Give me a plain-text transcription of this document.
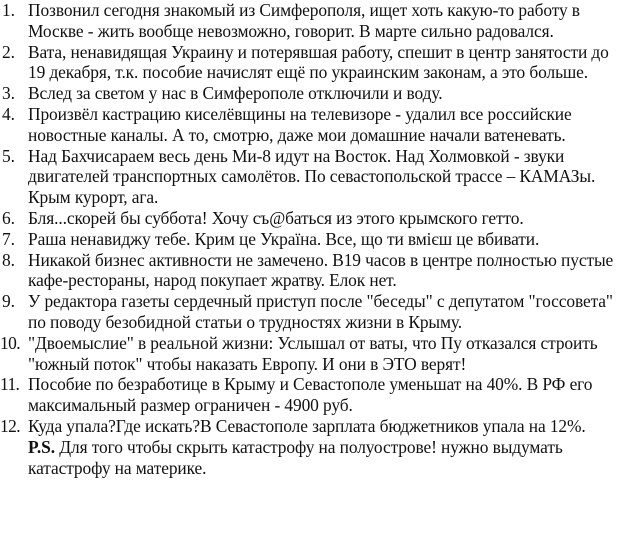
1. Позвонил сегодня знакомый из Симферополя, ищет хоть какую-то работу в Москве - жить вообще невозможно, говорит. В марте сильно радовался.
2. Вата, ненавидящая Украину и потерявшая работу, спешит в центр занятости до 19 декабря, т.к. пособие начислят ещё по украинским законам, а это больше.
3. Вслед за светом у нас в Симферополе отключили и воду.
4. Произвёл кастрацию киселёвщины на телевизоре - удалил все российские новостные каналы. А то, смотрю, даже мои домашние начали ватеневать.
5. Над Бахчисараем весь день Ми-8 идут на Восток. Над Холмовкой - звуки двигателей транспортных самолётов. По севастопольской трассе – КАМАЗы. Крым курорт, ага.
6. Бля...скорей бы суббота! Хочу съ@баться из этого крымского гетто.
7. Раша ненавиджу тебе. Крим це Україна. Все, що ти вмієш це вбивати.
8. Никакой бизнес активности не замечено. В19 часов в центре полностью пустые кафе-рестораны, народ покупает жратву. Елок нет.
9. У редактора газеты сердечный приступ после "беседы" с депутатом "госсовета" по поводу безобидной статьи о трудностях жизни в Крыму.
10. "Двоемыслие" в реальной жизни: Услышал от ваты, что Пу отказался строить "южный поток" чтобы наказать Европу. И они в ЭТО верят!
11. Пособие по безработице в Крыму и Севастополе уменьшат на 40%. В РФ его максимальный размер ограничен - 4900 руб.
12. Куда упала?Где искать?В Севастополе зарплата бюджетников упала на 12%.
P.S. Для того чтобы скрыть катастрофу на полуострове! нужно выдумать катастрофу на материке.
